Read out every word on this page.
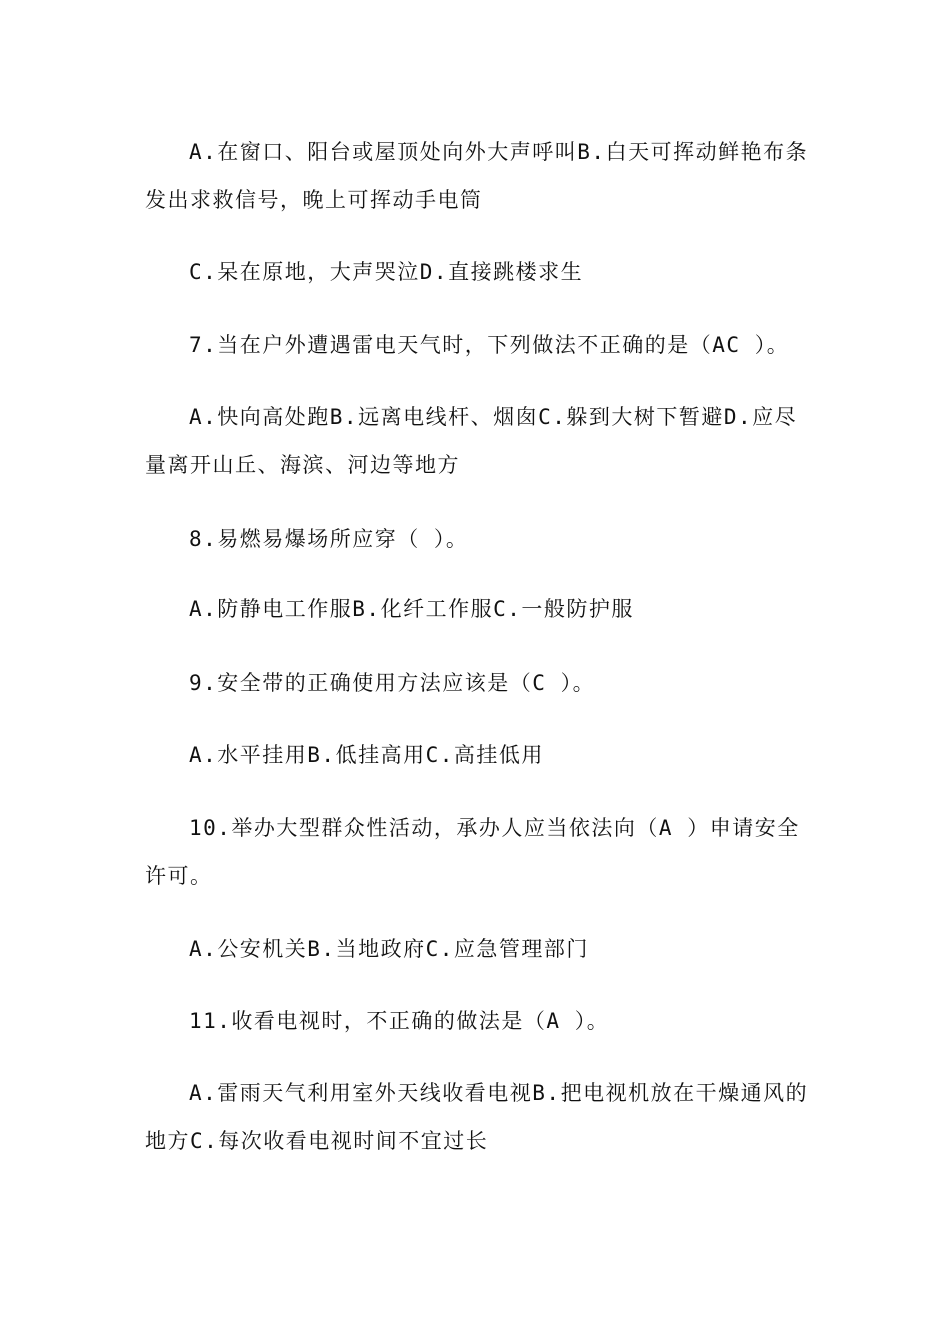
A.在窗口、阳台或屋顶处向外大声呼叫B.白天可挥动鲜艳布条发出求救信号，晚上可挥动手电筒

C.呆在原地，大声哭泣D.直接跳楼求生

7.当在户外遭遇雷电天气时，下列做法不正确的是（AC ）。

A.快向高处跑B.远离电线杆、烟囱C.躲到大树下暂避D.应尽量离开山丘、海滨、河边等地方

8.易燃易爆场所应穿（ ）。

A.防静电工作服B.化纤工作服C.一般防护服

9.安全带的正确使用方法应该是（C ）。

A.水平挂用B.低挂高用C.高挂低用

10.举办大型群众性活动，承办人应当依法向（A ）申请安全许可。

A.公安机关B.当地政府C.应急管理部门

11.收看电视时，不正确的做法是（A ）。

A.雷雨天气利用室外天线收看电视B.把电视机放在干燥通风的地方C.每次收看电视时间不宜过长
